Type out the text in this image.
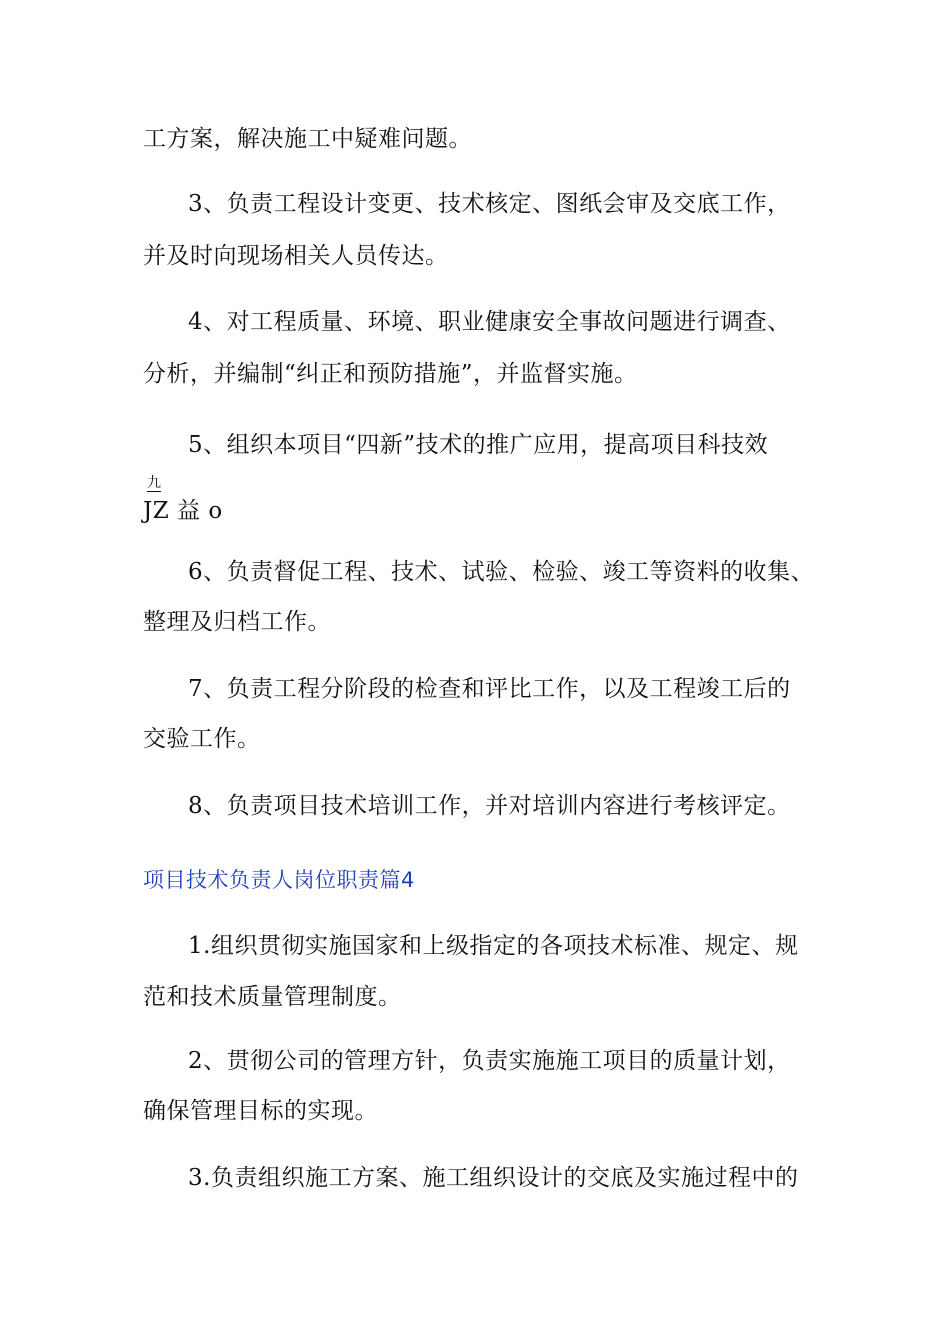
工方案，解决施工中疑难问题。
3、负责工程设计变更、技术核定、图纸会审及交底工作，
并及时向现场相关人员传达。
4、对工程质量、环境、职业健康安全事故问题进行调查、
分析，并编制“纠正和预防措施”，并监督实施。
5、组织本项目“四新”技术的推广应用，提高项目科技效
九
JZ 益 o
6、负责督促工程、技术、试验、检验、竣工等资料的收集、
整理及归档工作。
7、负责工程分阶段的检查和评比工作，以及工程竣工后的
交验工作。
8、负责项目技术培训工作，并对培训内容进行考核评定。
项目技术负责人岗位职责篇4
1.组织贯彻实施国家和上级指定的各项技术标准、规定、规
范和技术质量管理制度。
2、贯彻公司的管理方针，负责实施施工项目的质量计划，
确保管理目标的实现。
3.负责组织施工方案、施工组织设计的交底及实施过程中的
